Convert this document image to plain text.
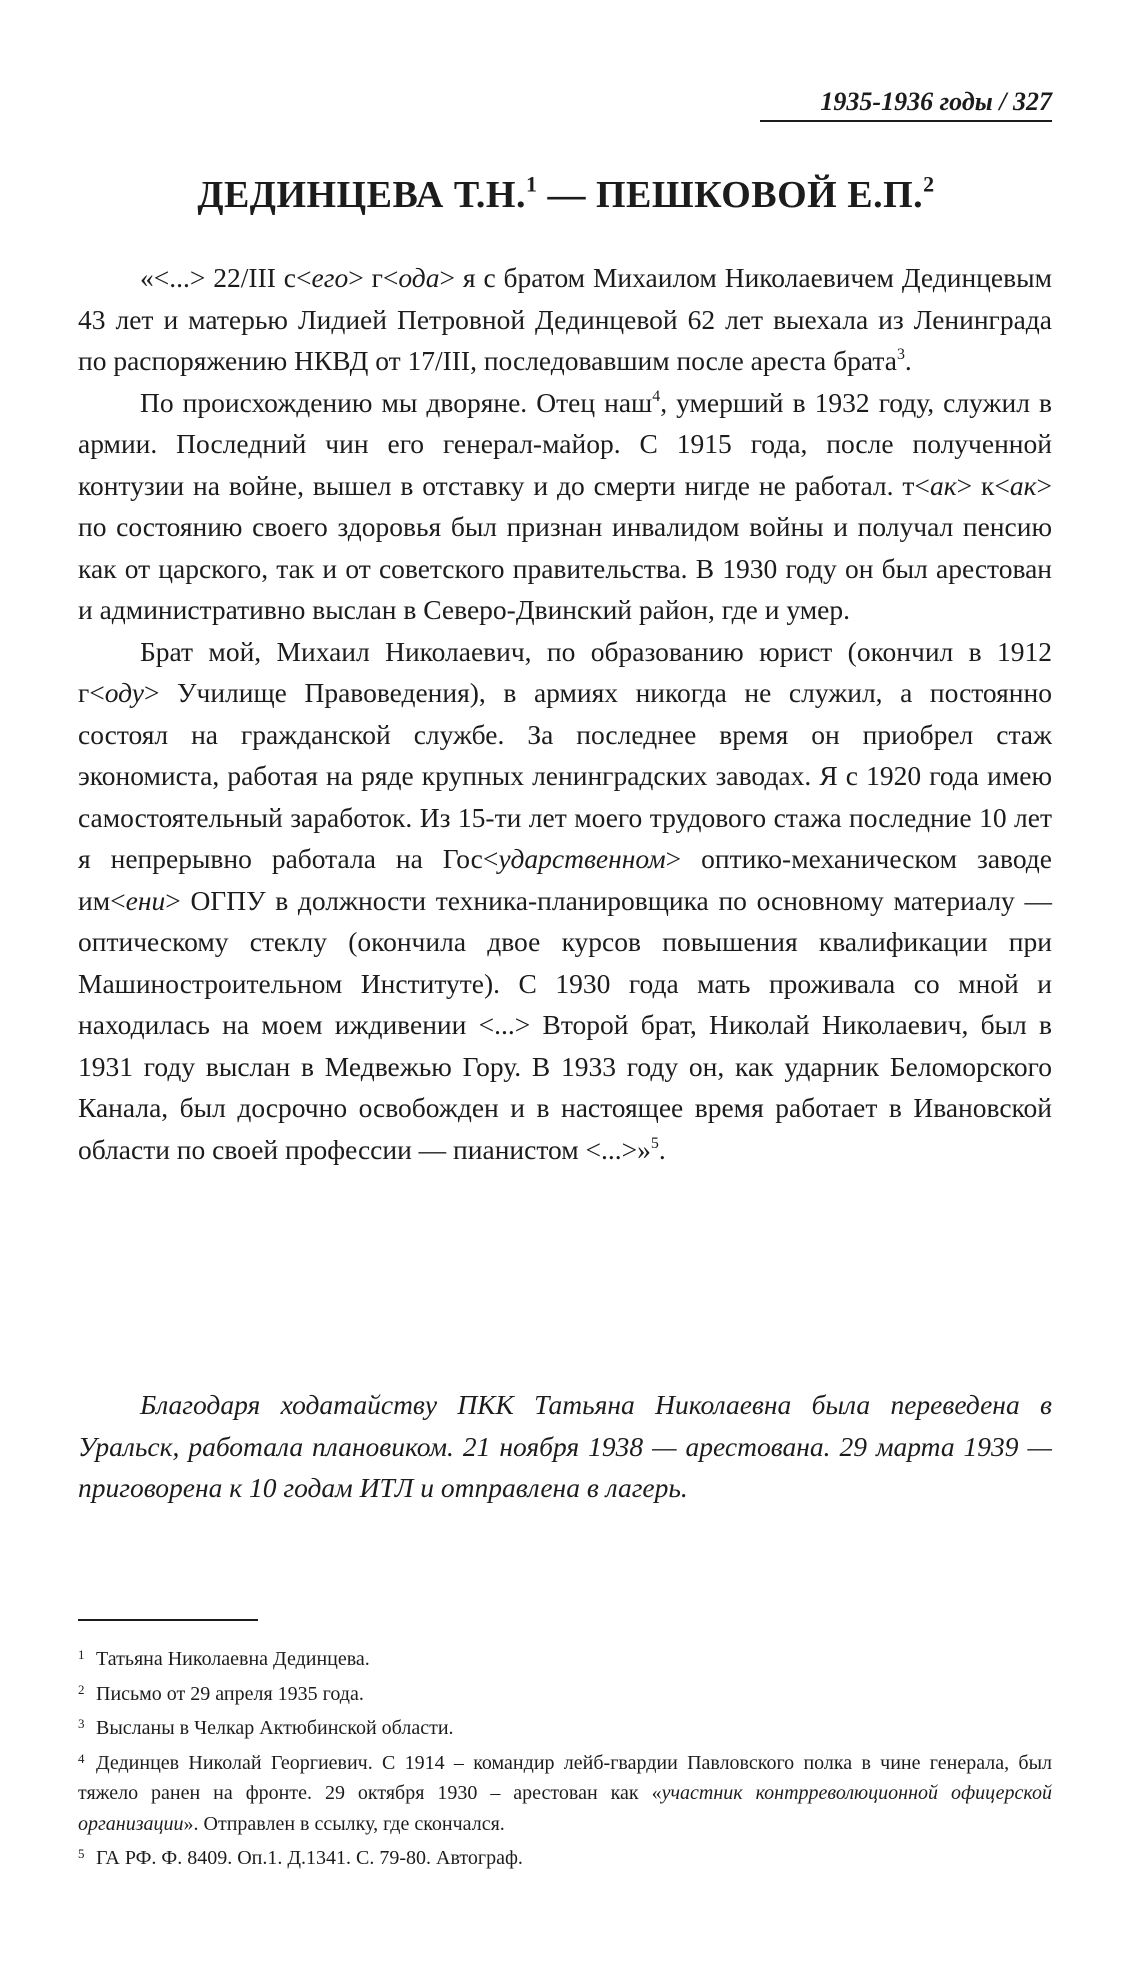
1935-1936 годы / 327
ДЕДИНЦЕВА Т.Н.$^1$ — ПЕШКОВОЙ Е.П.$^2$

«<...> 22/III с<его> г<ода> я с братом Михаилом Николаевичем Дединцевым 43 лет и матерью Лидией Петровной Дединцевой 62 лет выехала из Ленинграда по распоряжению НКВД от 17/III, последовавшим после ареста брата$^3$.

По происхождению мы дворяне. Отец наш$^4$, умерший в 1932 году, служил в армии. Последний чин его генерал-майор. С 1915 года, после полученной контузии на войне, вышел в отставку и до смерти нигде не работал. т<ак> к<ак> по состоянию своего здоровья был признан инвалидом войны и получал пенсию как от царского, так и от советского правительства. В 1930 году он был арестован и административно выслан в Северо-Двинский район, где и умер.

Брат мой, Михаил Николаевич, по образованию юрист (окончил в 1912 г<оду> Училище Правоведения), в армиях никогда не служил, а постоянно состоял на гражданской службе. За последнее время он приобрел стаж экономиста, работая на ряде крупных ленинградских заводах. Я с 1920 года имею самостоятельный заработок. Из 15-ти лет моего трудового стажа последние 10 лет я непрерывно работала на Гос<ударственном> оптико-механическом заводе им<ени> ОГПУ в должности техника-планировщика по основному материалу — оптическому стеклу (окончила двое курсов повышения квалификации при Машиностроительном Институте). С 1930 года мать проживала со мной и находилась на моем иждивении <...> Второй брат, Николай Николаевич, был в 1931 году выслан в Медвежью Гору. В 1933 году он, как ударник Беломорского Канала, был досрочно освобожден и в настоящее время работает в Ивановской области по своей профессии — пианистом <...>»$^5$.

Благодаря ходатайству ПКК Татьяна Николаевна была переведена в Уральск, работала плановиком. 21 ноября 1938 — арестована. 29 марта 1939 — приговорена к 10 годам ИТЛ и отправлена в лагерь.

1 Татьяна Николаевна Дединцева.

2 Письмо от 29 апреля 1935 года.

3 Высланы в Челкар Актюбинской области.

4 Дединцев Николай Георгиевич. С 1914 – командир лейб-гвардии Павловского полка в чине генерала, был тяжело ранен на фронте. 29 октября 1930 – арестован как «участник контрреволюционной офицерской организации». Отправлен в ссылку, где скончался.

5 ГА РФ. Ф. 8409. Оп.1. Д.1341. С. 79-80. Автограф.
